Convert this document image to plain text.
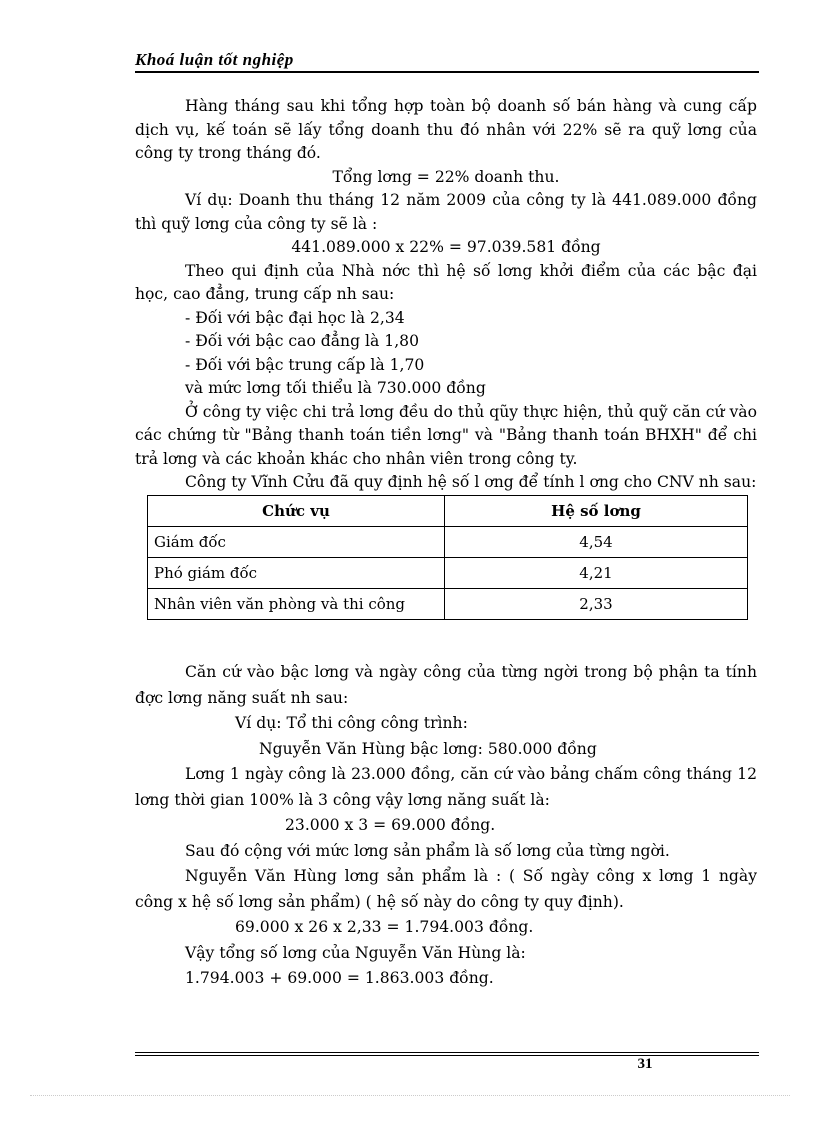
Khoá luận tốt nghiệp

Hàng tháng sau khi tổng hợp toàn bộ doanh số bán hàng và cung cấp dịch vụ, kế toán sẽ lấy tổng doanh thu đó nhân với 22% sẽ ra quỹ lơng của công ty trong tháng đó.

Tổng lơng = 22% doanh thu.

Ví dụ: Doanh thu tháng 12 năm 2009 của công ty là 441.089.000 đồng thì quỹ lơng của công ty sẽ là :

441.089.000 x 22% = 97.039.581 đồng

Theo qui định của Nhà nớc thì hệ số lơng khởi điểm của các bậc đại học, cao đẳng, trung cấp nh sau:

- Đối với bậc đại học là 2,34

- Đối với bậc cao đẳng là 1,80

- Đối với bậc trung cấp là 1,70

và mức lơng tối thiểu là 730.000 đồng

Ở công ty việc chi trả lơng đều do thủ qũy thực hiện, thủ quỹ căn cứ vào các chứng từ "Bảng thanh toán tiền lơng" và "Bảng thanh toán BHXH" để chi trả lơng và các khoản khác cho nhân viên trong công ty.

Công ty Vĩnh Cửu đã quy định hệ số l ơng để tính l ơng cho CNV nh sau:

Chức vụ	Hệ số lơng
Giám đốc	4,54
Phó giám đốc	4,21
Nhân viên văn phòng và thi công	2,33

Căn cứ vào bậc lơng và ngày công của từng ngời trong bộ phận ta tính đợc lơng năng suất nh sau:

Ví dụ: Tổ thi công công trình:

Nguyễn Văn Hùng bậc lơng: 580.000 đồng

Lơng 1 ngày công là 23.000 đồng, căn cứ vào bảng chấm công tháng 12 lơng thời gian 100% là 3 công vậy lơng năng suất là:

23.000 x 3 = 69.000 đồng.

Sau đó cộng với mức lơng sản phẩm là số lơng của từng ngời.

Nguyễn Văn Hùng lơng sản phẩm là : ( Số ngày công x lơng 1 ngày công x hệ số lơng sản phẩm) ( hệ số này do công ty quy định).

69.000 x 26 x 2,33 = 1.794.003 đồng.

Vậy tổng số lơng của Nguyễn Văn Hùng là:

1.794.003 + 69.000 = 1.863.003 đồng.

31
